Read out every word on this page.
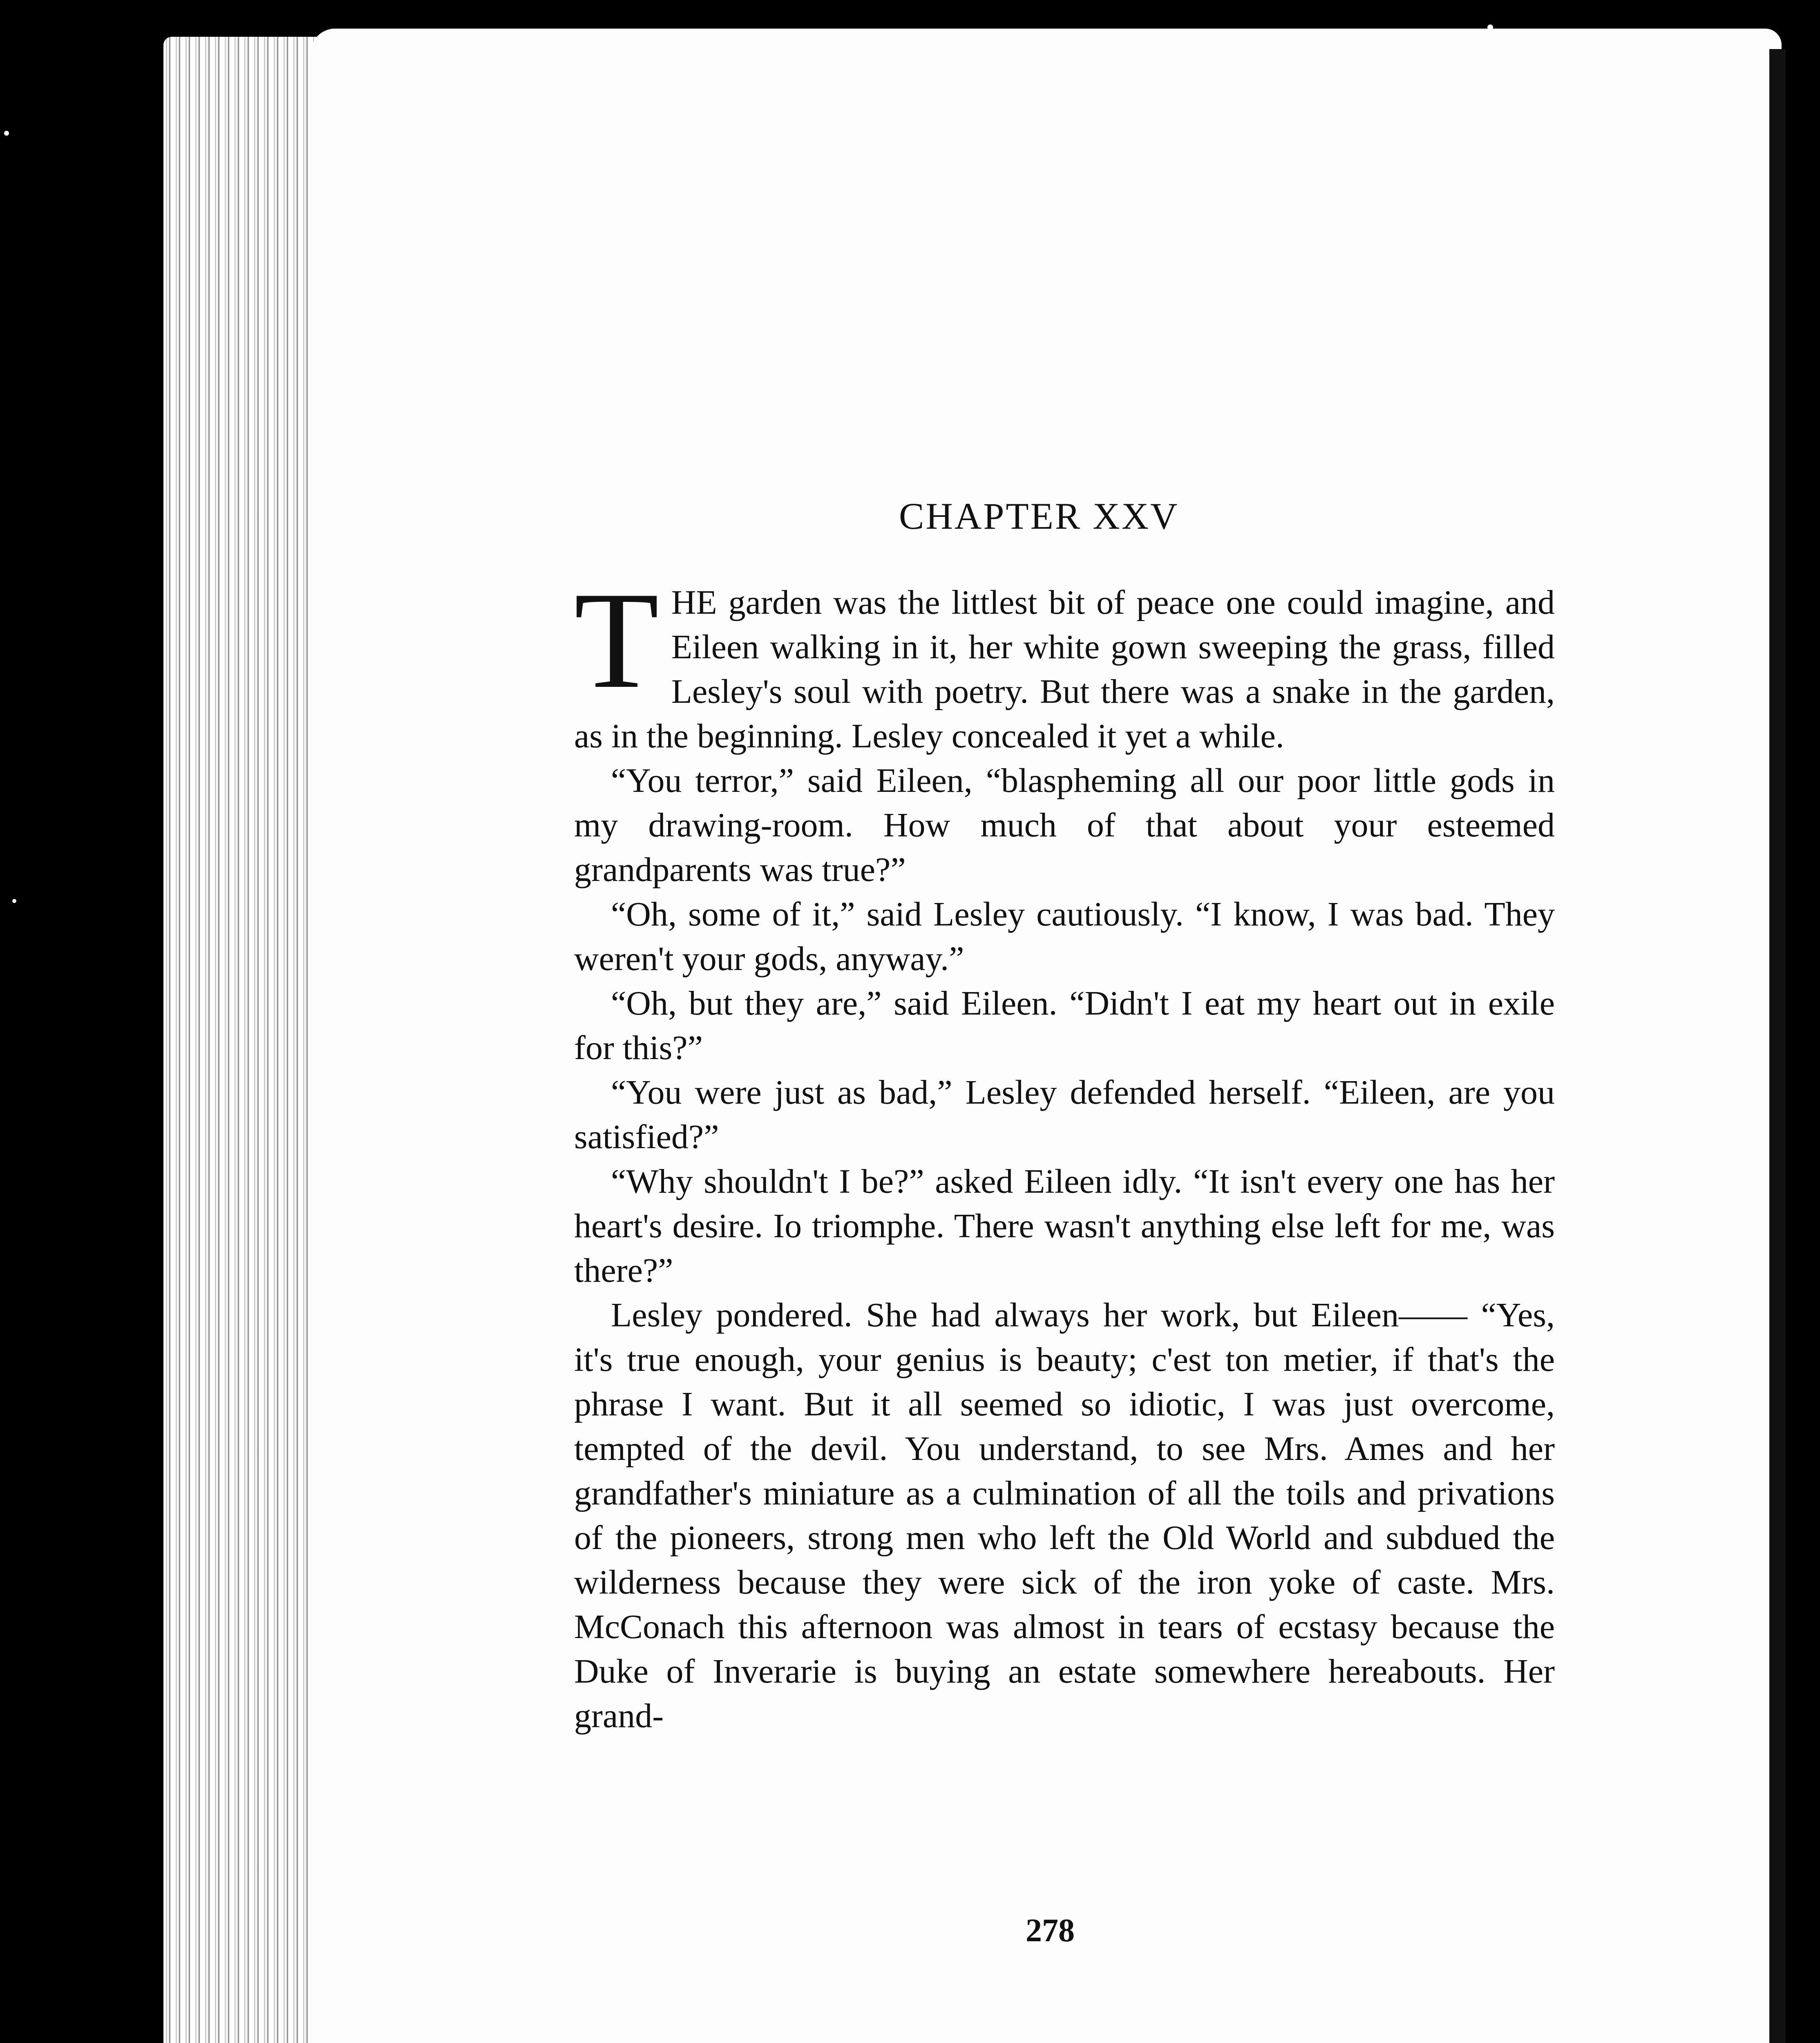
CHAPTER XXV

THE garden was the littlest bit of peace one could imagine, and Eileen walking in it, her white gown sweeping the grass, filled Lesley's soul with poetry. But there was a snake in the garden, as in the beginning. Lesley concealed it yet a while.

“You terror,” said Eileen, “blaspheming all our poor little gods in my drawing-room. How much of that about your esteemed grandparents was true?”

“Oh, some of it,” said Lesley cautiously. “I know, I was bad. They weren't your gods, anyway.”

“Oh, but they are,” said Eileen. “Didn't I eat my heart out in exile for this?”

“You were just as bad,” Lesley defended herself. “Eileen, are you satisfied?”

“Why shouldn't I be?” asked Eileen idly. “It isn't every one has her heart's desire. Io triomphe. There wasn't anything else left for me, was there?”

Lesley pondered. She had always her work, but Eileen—— “Yes, it's true enough, your genius is beauty; c'est ton metier, if that's the phrase I want. But it all seemed so idiotic, I was just overcome, tempted of the devil. You understand, to see Mrs. Ames and her grandfather's miniature as a culmination of all the toils and privations of the pioneers, strong men who left the Old World and subdued the wilderness because they were sick of the iron yoke of caste. Mrs. McConach this afternoon was almost in tears of ecstasy because the Duke of Inverarie is buying an estate somewhere hereabouts. Her grand-

278
